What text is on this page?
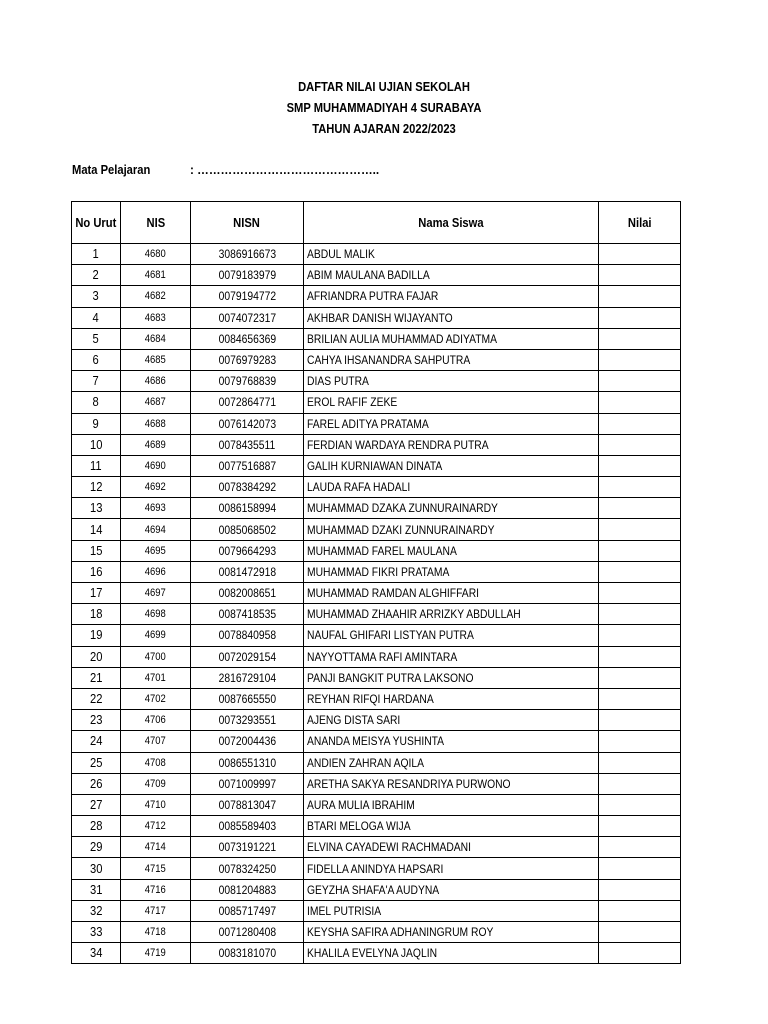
DAFTAR NILAI UJIAN SEKOLAH
SMP MUHAMMADIYAH 4 SURABAYA
TAHUN AJARAN 2022/2023
Mata Pelajaran	: ………………………………………..
No Urut	NIS	NISN	Nama Siswa	Nilai
1	4680	3086916673	ABDUL MALIK	
2	4681	0079183979	ABIM MAULANA BADILLA	
3	4682	0079194772	AFRIANDRA PUTRA FAJAR	
4	4683	0074072317	AKHBAR DANISH WIJAYANTO	
5	4684	0084656369	BRILIAN AULIA MUHAMMAD ADIYATMA	
6	4685	0076979283	CAHYA IHSANANDRA SAHPUTRA	
7	4686	0079768839	DIAS PUTRA	
8	4687	0072864771	EROL RAFIF ZEKE	
9	4688	0076142073	FAREL ADITYA PRATAMA	
10	4689	0078435511	FERDIAN WARDAYA RENDRA PUTRA	
11	4690	0077516887	GALIH KURNIAWAN DINATA	
12	4692	0078384292	LAUDA RAFA HADALI	
13	4693	0086158994	MUHAMMAD DZAKA ZUNNURAINARDY	
14	4694	0085068502	MUHAMMAD DZAKI ZUNNURAINARDY	
15	4695	0079664293	MUHAMMAD FAREL MAULANA	
16	4696	0081472918	MUHAMMAD FIKRI PRATAMA	
17	4697	0082008651	MUHAMMAD RAMDAN ALGHIFFARI	
18	4698	0087418535	MUHAMMAD ZHAAHIR ARRIZKY ABDULLAH	
19	4699	0078840958	NAUFAL GHIFARI LISTYAN PUTRA	
20	4700	0072029154	NAYYOTTAMA RAFI AMINTARA	
21	4701	2816729104	PANJI BANGKIT PUTRA LAKSONO	
22	4702	0087665550	REYHAN RIFQI HARDANA	
23	4706	0073293551	AJENG DISTA SARI	
24	4707	0072004436	ANANDA MEISYA YUSHINTA	
25	4708	0086551310	ANDIEN ZAHRAN AQILA	
26	4709	0071009997	ARETHA SAKYA RESANDRIYA PURWONO	
27	4710	0078813047	AURA MULIA IBRAHIM	
28	4712	0085589403	BTARI MELOGA WIJA	
29	4714	0073191221	ELVINA CAYADEWI RACHMADANI	
30	4715	0078324250	FIDELLA ANINDYA HAPSARI	
31	4716	0081204883	GEYZHA SHAFA'A AUDYNA	
32	4717	0085717497	IMEL PUTRISIA	
33	4718	0071280408	KEYSHA SAFIRA ADHANINGRUM ROY	
34	4719	0083181070	KHALILA EVELYNA JAQLIN	
